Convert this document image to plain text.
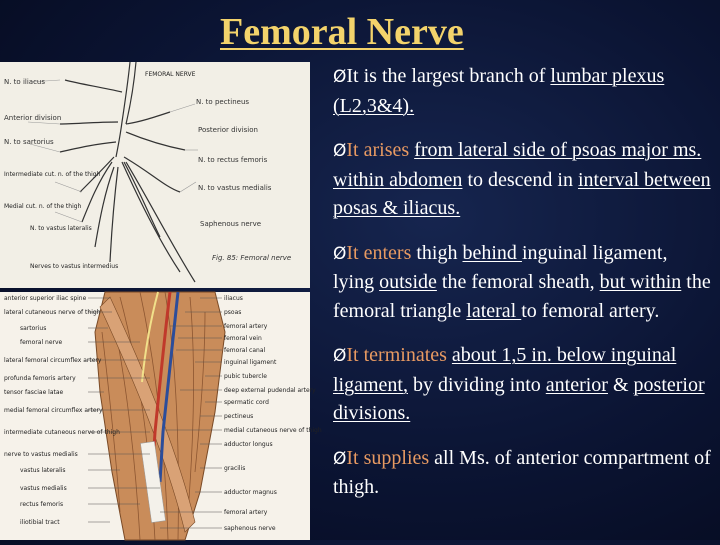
Femoral Nerve
N. to iliacus
Anterior division
N. to sartorius
Intermediate cut. n. of the thigh
Medial cut. n. of the thigh
N. to vastus lateralis
Nerves to vastus intermedius
FEMORAL NERVE
N. to pectineus
Posterior division
N. to rectus femoris
N. to vastus medialis
Saphenous nerve
Fig. 85: Femoral nerve
anterior superior iliac spine
lateral cutaneous nerve of thigh
sartorius
femoral nerve
lateral femoral circumflex artery
profunda femoris artery
tensor fasciae latae
medial femoral circumflex artery
intermediate cutaneous nerve of thigh
nerve to vastus medialis
vastus lateralis
vastus medialis
rectus femoris
iliotibial tract
iliacus
psoas
femoral artery
femoral vein
femoral canal
inguinal ligament
pubic tubercle
deep external pudendal artery
spermatic cord
pectineus
medial cutaneous nerve of thigh
adductor longus
gracilis
adductor magnus
femoral artery
saphenous nerve

ØIt is the largest branch of lumbar plexus (L2,3&4).

ØIt arises from lateral side of psoas major ms. within abdomen to descend in interval between posas & iliacus.

ØIt enters thigh behind inguinal ligament, lying outside the femoral sheath, but within the femoral triangle lateral to femoral artery.

ØIt terminates about 1,5 in. below inguinal ligament, by dividing into anterior & posterior divisions.

ØIt supplies all Ms. of anterior compartment of thigh.
